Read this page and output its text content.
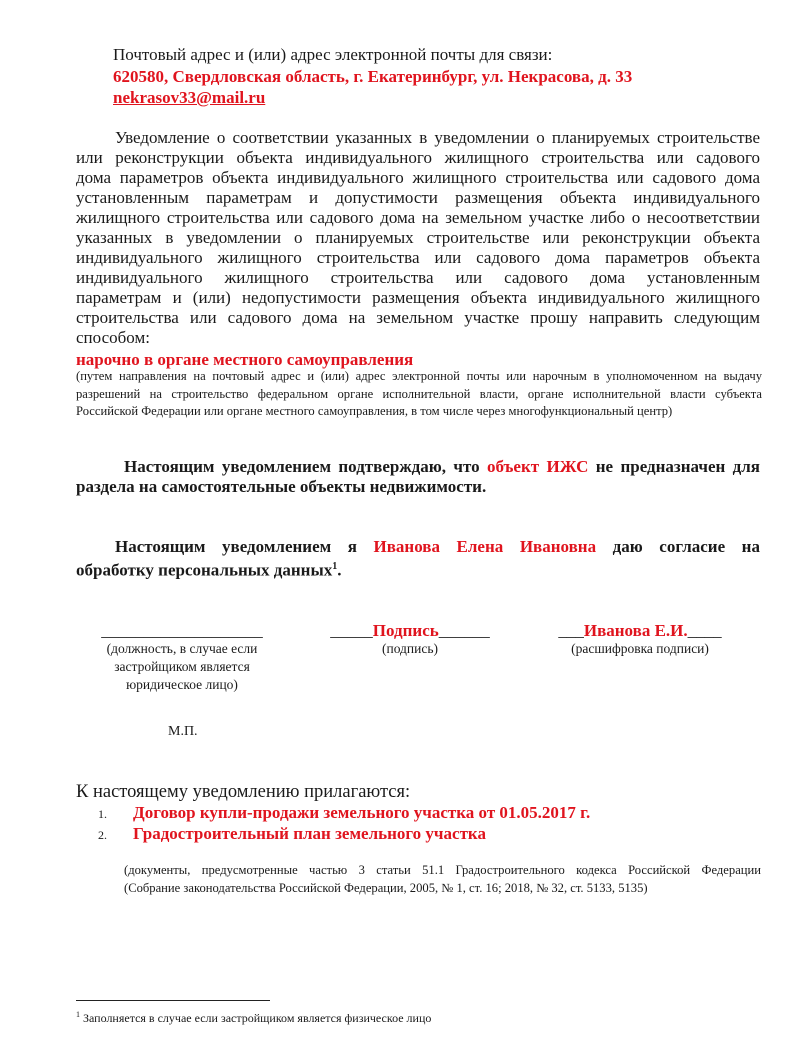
Почтовый адрес и (или) адрес электронной почты для связи:
620580, Свердловская область, г. Екатеринбург, ул. Некрасова, д. 33
nekrasov33@mail.ru
Уведомление о соответствии указанных в уведомлении о планируемых строительстве
или реконструкции объекта индивидуального жилищного строительства или садового
дома параметров объекта индивидуального жилищного строительства или садового дома
установленным параметрам и допустимости размещения объекта индивидуального
жилищного строительства или садового дома на земельном участке либо о несоответствии
указанных в уведомлении о планируемых строительстве или реконструкции объекта
индивидуального жилищного строительства или садового дома параметров объекта
индивидуального жилищного строительства или садового дома установленным
параметрам и (или) недопустимости размещения объекта индивидуального жилищного
строительства или садового дома на земельном участке прошу направить следующим
способом:
нарочно в органе местного самоуправления
(путем направления на почтовый адрес и (или) адрес электронной почты или нарочным в уполномоченном на выдачу
разрешений на строительство федеральном органе исполнительной власти, органе исполнительной власти субъекта
Российской Федерации или органе местного самоуправления, в том числе через многофункциональный центр)
Настоящим уведомлением подтверждаю, что объект ИЖС не предназначен для
раздела на самостоятельные объекты недвижимости.
Настоящим уведомлением я Иванова Елена Ивановна даю согласие на
обработку персональных данных$^1$.
___________________
(должность, в случае если
застройщиком является
юридическое лицо)
_____Подпись______
(подпись)
___Иванова Е.И.____
(расшифровка подписи)
М.П.
К настоящему уведомлению прилагаются:
1. Договор купли-продажи земельного участка от 01.05.2017 г.
2. Градостроительный план земельного участка
(документы, предусмотренные частью 3 статьи 51.1 Градостроительного кодекса Российской Федерации
(Собрание законодательства Российской Федерации, 2005, № 1, ст. 16; 2018, № 32, ст. 5133, 5135)
$^1$ Заполняется в случае если застройщиком является физическое лицо
